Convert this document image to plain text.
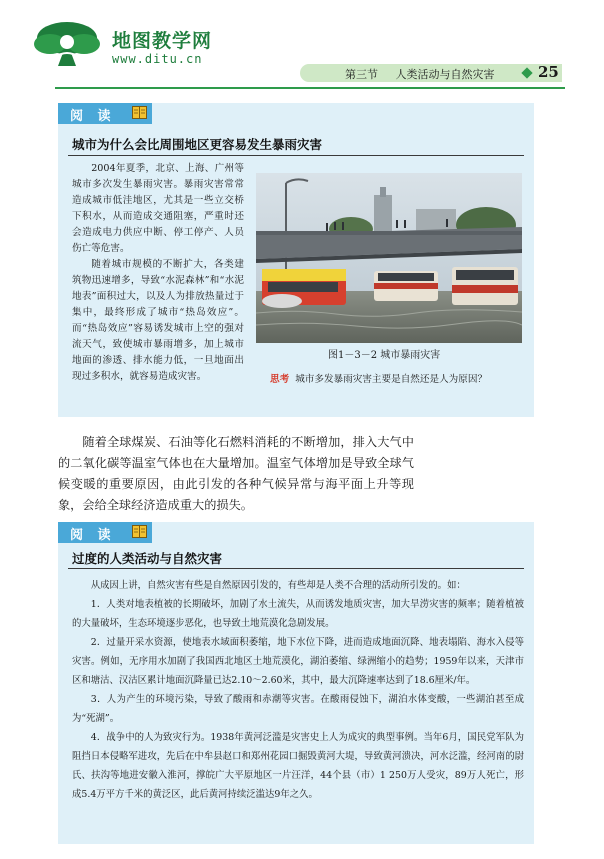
地图教学网
www.ditu.cn
第三节 人类活动与自然灾害	25
阅 读
城市为什么会比周围地区更容易发生暴雨灾害

2004年夏季，北京、上海、广州等城市多次发生暴雨灾害。暴雨灾害常常造成城市低洼地区，尤其是一些立交桥下积水，从而造成交通阻塞，严重时还会造成电力供应中断、停工停产、人员伤亡等危害。

随着城市规模的不断扩大，各类建筑物迅速增多，导致“水泥森林”和“水泥地表”面积过大，以及人为排放热量过于集中，最终形成了城市“热岛效应”。而“热岛效应”容易诱发城市上空的强对流天气，致使城市暴雨增多，加上城市地面的渗透、排水能力低，一旦地面出现过多积水，就容易造成灾害。

图1－3－2 城市暴雨灾害
思考 城市多发暴雨灾害主要是自然还是人为原因？

随着全球煤炭、石油等化石燃料消耗的不断增加，排入大气中的二氧化碳等温室气体也在大量增加。温室气体增加是导致全球气候变暖的重要原因，由此引发的各种气候异常与海平面上升等现象，会给全球经济造成重大的损失。

阅 读
过度的人类活动与自然灾害

从成因上讲，自然灾害有些是自然原因引发的，有些却是人类不合理的活动所引发的。如：

1．人类对地表植被的长期破坏，加剧了水土流失，从而诱发地质灾害，加大旱涝灾害的频率；随着植被的大量破坏，生态环境逐步恶化，也导致土地荒漠化急剧发展。

2．过量开采水资源，使地表水域面积萎缩，地下水位下降，进而造成地面沉降、地表塌陷、海水入侵等灾害。例如，无序用水加剧了我国西北地区土地荒漠化，湖泊萎缩、绿洲缩小的趋势；1959年以来，天津市区和塘沽、汉沽区累计地面沉降量已达2.10～2.60米，其中，最大沉降速率达到了18.6厘米/年。

3．人为产生的环境污染，导致了酸雨和赤潮等灾害。在酸雨侵蚀下，湖泊水体变酸，一些湖泊甚至成为“死湖”。

4．战争中的人为致灾行为。1938年黄河泛滥是灾害史上人为成灾的典型事例。当年6月，国民党军队为阻挡日本侵略军进攻，先后在中牟县赵口和郑州花园口掘毁黄河大堤，导致黄河溃决，河水泛滥，经河南的尉氏、扶沟等地进安徽入淮河，撑皖广大平原地区一片汪洋，44个县（市）1 250万人受灾，89万人死亡，形成5.4万平方千米的黄泛区，此后黄河持续泛滥达9年之久。
